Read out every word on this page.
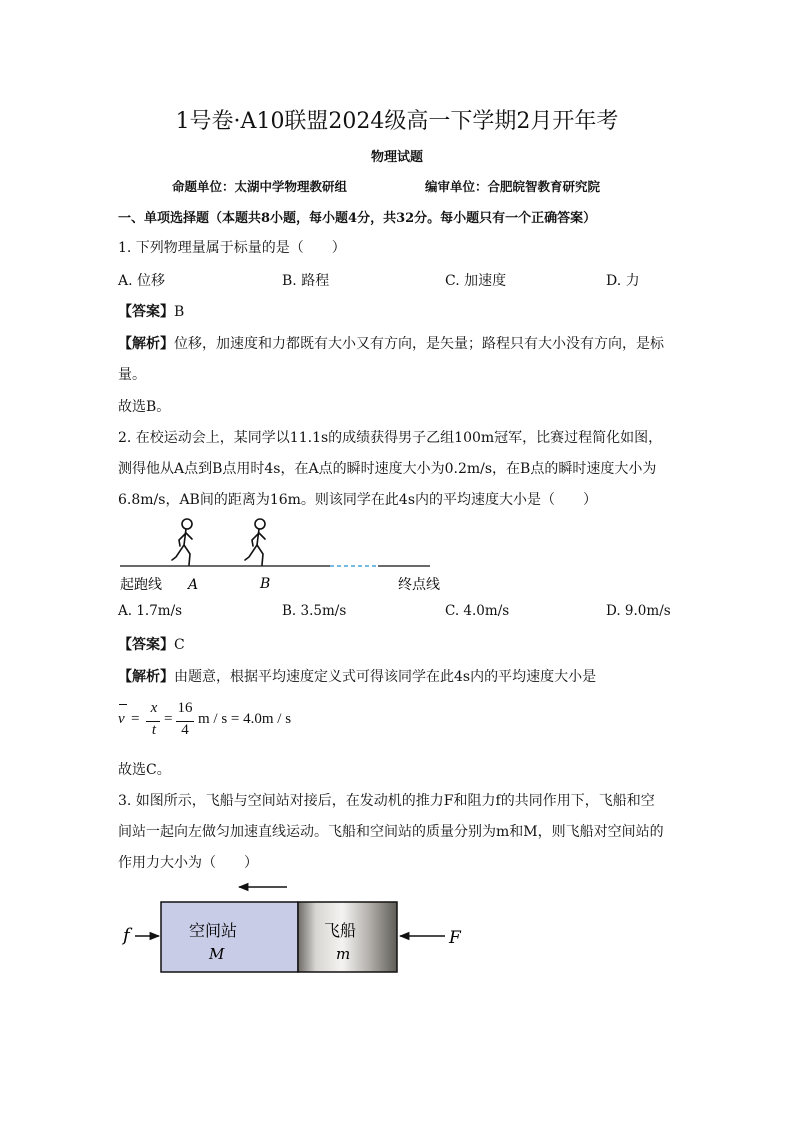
1号卷·A10联盟2024级高一下学期2月开年考
物理试题
命题单位：太湖中学物理教研组	编审单位：合肥皖智教育研究院
一、单项选择题（本题共8小题，每小题4分，共32分。每小题只有一个正确答案）
1. 下列物理量属于标量的是（　　）
A. 位移	B. 路程	C. 加速度	D. 力
【答案】B
【解析】位移，加速度和力都既有大小又有方向，是矢量；路程只有大小没有方向，是标
量。
故选B。
2. 在校运动会上，某同学以11.1s的成绩获得男子乙组100m冠军，比赛过程简化如图，
测得他从A点到B点用时4s，在A点的瞬时速度大小为0.2m/s，在B点的瞬时速度大小为
6.8m/s，AB间的距离为16m。则该同学在此4s内的平均速度大小是（　　）
起跑线 A	B	终点线
A. 1.7m/s	B. 3.5m/s	C. 4.0m/s	D. 9.0m/s
【答案】C
【解析】由题意，根据平均速度定义式可得该同学在此4s内的平均速度大小是
v =
x
t
=
16
4
m / s = 4.0m / s
故选C。
3. 如图所示，飞船与空间站对接后，在发动机的推力F和阻力f的共同作用下，飞船和空
间站一起向左做匀加速直线运动。飞船和空间站的质量分别为m和M，则飞船对空间站的
作用力大小为（　　）
空间站
M
飞船
m
f	F
